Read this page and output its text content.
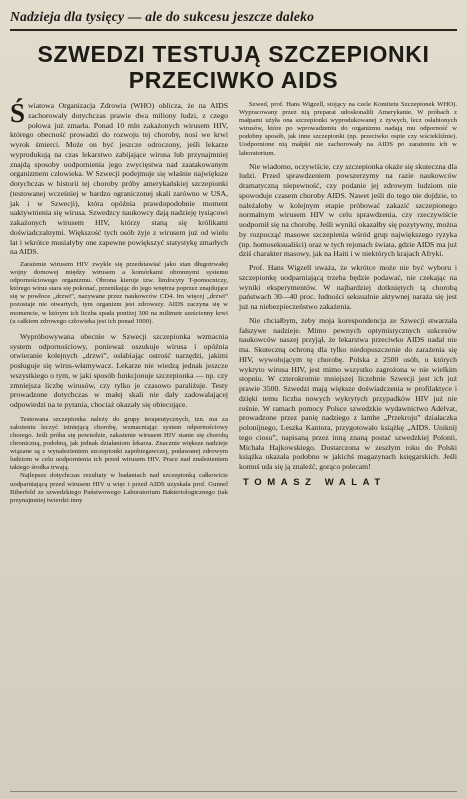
Nadzieja dla tysięcy — ale do sukcesu jeszcze daleko
SZWEDZI TESTUJĄ SZCZEPIONKI
PRZECIWKO AIDS

Światowa Organizacja Zdrowia (WHO) oblicza, że na AIDS zachorowały dotychczas prawie dwa miliony ludzi, z czego połowa już zmarła. Ponad 10 mln zakażonych wirusem HIV, którego obecność prowadzi do rozwoju tej choroby, nosi we krwi wyrok śmierci. Może on być jeszcze odroczony, jeśli lekarze wyprodukują na czas lekarstwo zabijające wirusa lub przynajmniej znajdą sposoby uodpornienia jego zwycięstwa nad zaatakowanym organizmem człowieka. W Szwecji podejmuje się właśnie największe dotychczas w historii tej choroby próby amerykańskiej szczepionki (testowanej wcześniej w bardzo ograniczonej skali zarówno w USA, jak i w Szwecji), która opóźnia prawdopodobnie moment uaktywnienia się wirusa. Szwedzcy naukowcy dają nadzieję tysiącowi zakażonych wirusem HIV, którzy staną się królikami doświadczalnymi. Większość tych osób żyje z wirusem już od wielu lat i wkrótce musiałyby one zapewne powiększyć statystykę zmarłych na AIDS.

Zarażenie wirusem HIV zwykle się przedstawiać jako stan długotrwałej wojny domowej między wirusem a komórkami obronnymi systemu odpornościowego organizmu. Obrona kieruje tzw. limfocyty T-pomocniczy, którego wirus stara się pokonać, przenikając do jego wnętrza poprzez znajdujące się w powłoce „drzwi”, nazywane przez naukowców CD4. Im więcej „drzwi” pozostaje nie otwartych, tym organizm jest zdrowszy. AIDS zaczyna się w momencie, w którym ich liczba spada poniżej 300 na milimetr sześcienny krwi (u całkiem zdrowego człowieka jest ich ponad 1000).

Wypróbowywana obecnie w Szwecji szczepionka wzmacnia system odpornościowy, ponieważ oszukuje wirusa i opóźnia otwieranie kolejnych „drzwi”, osłabiając ostrość narzędzi, jakimi posługuje się wirus-włamywacz. Lekarze nie wiedzą jednak jeszcze wszystkiego o tym, w jaki sposób funkcjonuje szczepionka — np. czy zmniejsza liczbę wirusów, czy tylko je czasowo paraliżuje. Testy prowadzone dotychczas w małej skali nie dały zadowalającej odpowiedzi na te pytania, chociaż okazały się obiecujące.

Testowana szczepionka należy do grupy terapeutycznych, tzn. ma za założeniu leczyć istniejącą chorobę, wzmacniając system odpornościowy chorego. Jeśli próba się powiedzie, zakażenie wirusem HIV stanie się chorobą chroniczną, podobną, jak jednak działaniom lekarza. Znacznie większe nadzieje wiązane są z wynalezieniem szczepionki zapobiegawczej, podawanej zdrowym ludziom w celu uodpornienia ich przed wirusem HIV. Prace nad znalezieniem takiego środka trwają.

Najlepsze dotychczas rezultaty w badaniach nad szczepionką całkowicie uodparniającą przed wirusem HIV u więc i przed AIDS uzyskała prof. Gunnel Biberfeld ze szwedzkiego Państwowego Laboratorium Bakteriologicznego (tak przynajmniej twierdzi inny

Szwed, prof. Hans Wigzell, stojący na czele Komitetu Szczepionek WHO). Wypracowany przez nią preparat udoskonalili Amerykanie. W próbach z małpami użyła ona szczepionki wyprodukowanej z żywych, lecz osłabionych wirusów, które po wprowadzeniu do organizmu nadają mu odporność w podobny sposób, jak inne szczepionki (np. przeciwko ospie czy wściekliźnie). Uodpornione nią małpki nie zachorowały na AIDS po zarażeniu ich w laboratorium.

Nie wiadomo, oczywiście, czy szczepionka okaże się skuteczna dla ludzi. Przed sprawdzeniem powszerzymy na razie naukowców dramatyczną niepewność, czy podanie jej zdrowym ludziom nie spowoduje czasem choroby AIDS. Nawet jeśli do tego nie dojdzie, to należałoby w kolejnym etapie próbować zakazić szczepionego normalnym wirusem HIV w celu sprawdzenia, czy rzeczywiście uodpornił się na chorobę. Jeśli wyniki okazałby się pozytywny, można by rozpocząć masowe szczepienia wśród grup największego ryzyka (np. homoseksualiści) oraz w tych rejonach świata, gdzie AIDS ma już dziś charakter masowy, jak na Haiti i w niektórych krajach Afryki.

Prof. Hans Wigzell uważa, że wkrótce może nie być wyboru i szczepionkę uodparniającą trzeba będzie podawać, nie czekając na wyniki eksperymentów. W najbardziej dotkniętych tą chorobą państwach 30—40 proc. ludności seksualnie aktywnej naraża się jest już na niebezpieczeństwo zakażenia.

Nie chciałbym, żeby moja korespondencja ze Szwecji stwarzała fałszywe nadzieje. Mimo pewnych optymistycznych sukcesów naukowców naszej przyjął, że lekarstwa przeciwko AIDS nadal nie ma. Skuteczną ochroną dla tylko niedopuszczenie do zarażenia się HIV, wywołującym tę chorobę. Polska z 2500 osób, u których wykryto wirusa HIV, jest mimo wszystko zagrożona w nie wielkim stopniu. W czterokrotnie mniejszej liczebnie Szwecji jest ich już prawie 3500. Szwedzi mają większe doświadczenia w profilaktyce i dzięki temu liczba nowych wykrytych przypadków HIV już nie rośnie. W ramach pomocy Polsce szwedzkie wydawnictwo Adelvat, prowadzone przez panię nadziego z lambe „Przekroju” działaczka polonijnego, Leszka Kantora, przygotowało książkę „AIDS. Uniknij tego ciosu”, napisaną przez inną znaną postać szwedzkiej Polonii, Michała Hajkowskiego. Dostarczona w zeszłym roku do Polski książka ukazała podobno w jakichś magazynach księgarskich. Jeśli komuś uda się ją znaleźć, gorąco polecam!

TOMASZ WALAT
